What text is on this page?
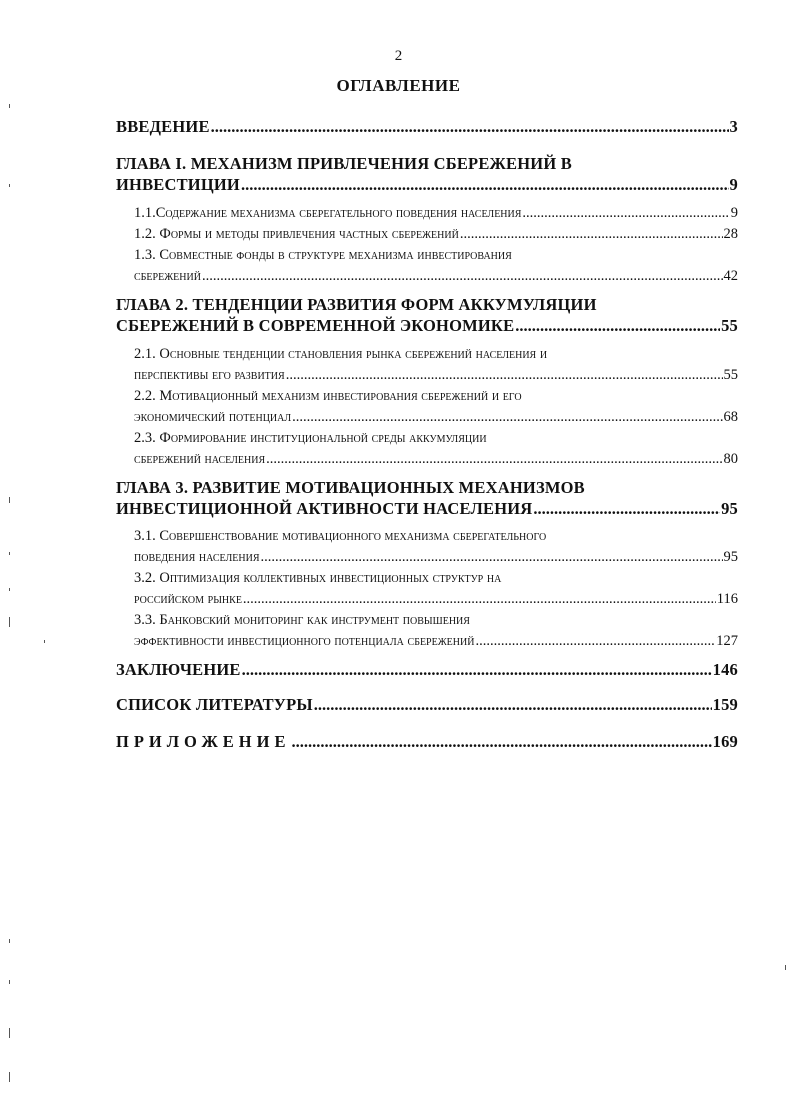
2
ОГЛАВЛЕНИЕ
ВВЕДЕНИЕ .....	3
ГЛАВА I. МЕХАНИЗМ ПРИВЛЕЧЕНИЯ СБЕРЕЖЕНИЙ В
ИНВЕСТИЦИИ .....	9
1.1.Содержание механизма сберегательного поведения населения .....	9
1.2. Формы и методы привлечения частных сбережений .....	28
1.3. Совместные фонды в структуре механизма инвестирования
сбережений .....	42
ГЛАВА 2. ТЕНДЕНЦИИ РАЗВИТИЯ ФОРМ АККУМУЛЯЦИИ
СБЕРЕЖЕНИЙ В СОВРЕМЕННОЙ ЭКОНОМИКЕ .....	55
2.1. Основные тенденции становления рынка сбережений населения и
перспективы его развития .....	55
2.2. Мотивационный механизм инвестирования сбережений и его
экономический потенциал .....	68
2.3. Формирование институциональной среды аккумуляции
сбережений населения .....	80
ГЛАВА 3. РАЗВИТИЕ МОТИВАЦИОННЫХ МЕХАНИЗМОВ
ИНВЕСТИЦИОННОЙ АКТИВНОСТИ НАСЕЛЕНИЯ .....	95
3.1. Совершенствование мотивационного механизма сберегательного
поведения населения .....	95
3.2. Оптимизация коллективных инвестиционных структур на
российском рынке .....	116
3.3. Банковский мониторинг как инструмент повышения
эффективности инвестиционного потенциала сбережений .....	127
ЗАКЛЮЧЕНИЕ .....	146
СПИСОК ЛИТЕРАТУРЫ .....	159
ПРИЛОЖЕНИЕ .....	169
